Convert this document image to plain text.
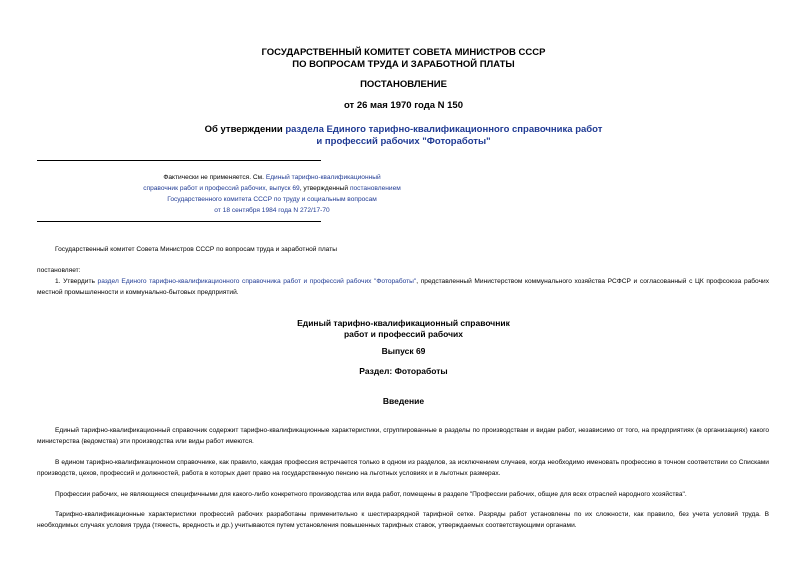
ГОСУДАРСТВЕННЫЙ КОМИТЕТ СОВЕТА МИНИСТРОВ СССР
ПО ВОПРОСАМ ТРУДА И ЗАРАБОТНОЙ ПЛАТЫ
ПОСТАНОВЛЕНИЕ
от 26 мая 1970 года N 150
Об утверждении раздела Единого тарифно-квалификационного справочника работ
и профессий рабочих "Фотоработы"
Фактически не применяется. См. Единый тарифно-квалификационный
справочник работ и профессий рабочих, выпуск 69, утвержденный постановлением
Государственного комитета СССР по труду и социальным вопросам
от 18 сентября 1984 года N 272/17-70
Государственный комитет Совета Министров СССР по вопросам труда и заработной платы
постановляет:
1. Утвердить раздел Единого тарифно-квалификационного справочника работ и профессий рабочих "Фотоработы", представленный Министерством коммунального хозяйства РСФСР и согласованный с ЦК профсоюза рабочих местной промышленности и коммунально-бытовых предприятий.
Единый тарифно-квалификационный справочник
работ и профессий рабочих
Выпуск 69
Раздел: Фотоработы
Введение
Единый тарифно-квалификационный справочник содержит тарифно-квалификационные характеристики, сгруппированные в разделы по производствам и видам работ, независимо от того, на предприятиях (в организациях) какого министерства (ведомства) эти производства или виды работ имеются.
В едином тарифно-квалификационном справочнике, как правило, каждая профессия встречается только в одном из разделов, за исключением случаев, когда необходимо именовать профессию в точном соответствии со Списками производств, цехов, профессий и должностей, работа в которых дает право на государственную пенсию на льготных условиях и в льготных размерах.
Профессии рабочих, не являющиеся специфичными для какого-либо конкретного производства или вида работ, помещены в разделе "Профессии рабочих, общие для всех отраслей народного хозяйства".
Тарифно-квалификационные характеристики профессий рабочих разработаны применительно к шестиразрядной тарифной сетке. Разряды работ установлены по их сложности, как правило, без учета условий труда. В необходимых случаях условия труда (тяжесть, вредность и др.) учитываются путем установления повышенных тарифных ставок, утверждаемых соответствующими органами.
